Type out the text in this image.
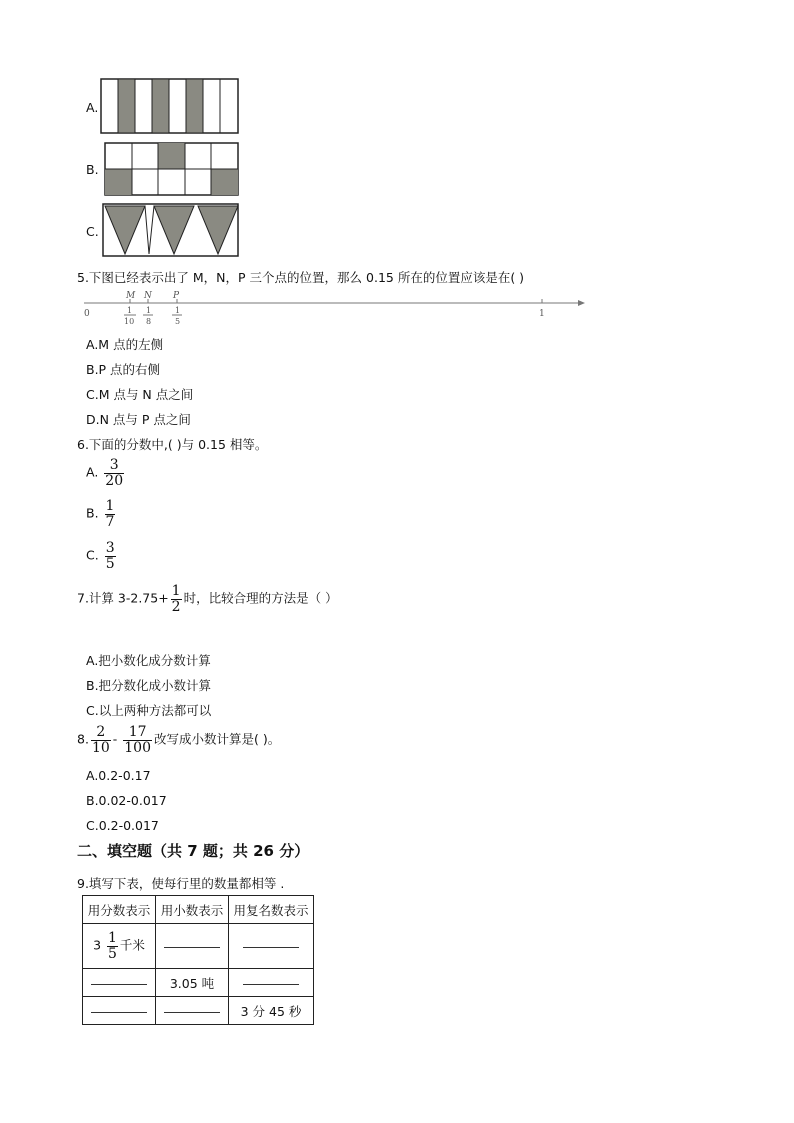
A.
B.
C.
5.下图已经表示出了 M，N，P 三个点的位置，那么 0.15 所在的位置应该是在( )
0	1
M N P
1
10
1
8
1
5
A.M 点的左侧
B.P 点的右侧
C.M 点与 N 点之间
D.N 点与 P 点之间
6.下面的分数中,( )与 0.15 相等。
A. $\frac{3}{20}$
B. $\frac{1}{7}$
C. $\frac{3}{5}$
7.计算 $3-2.75+ \frac{1}{2}$ 时，比较合理的方法是（ ）
A.把小数化成分数计算
B.把分数化成小数计算
C.以上两种方法都可以
8. $\frac{2}{10} - \frac{17}{100}$ 改写成小数计算是( )。
A.0.2-0.17
B.0.02-0.017
C.0.2-0.017
二、填空题（共 7 题；共 26 分）
9.填写下表，使每行里的数量都相等 .
用分数表示	用小数表示	用复名数表示
$3 \frac{1}{5}$ 千米		
	3.05 吨	
		3 分 45 秒
